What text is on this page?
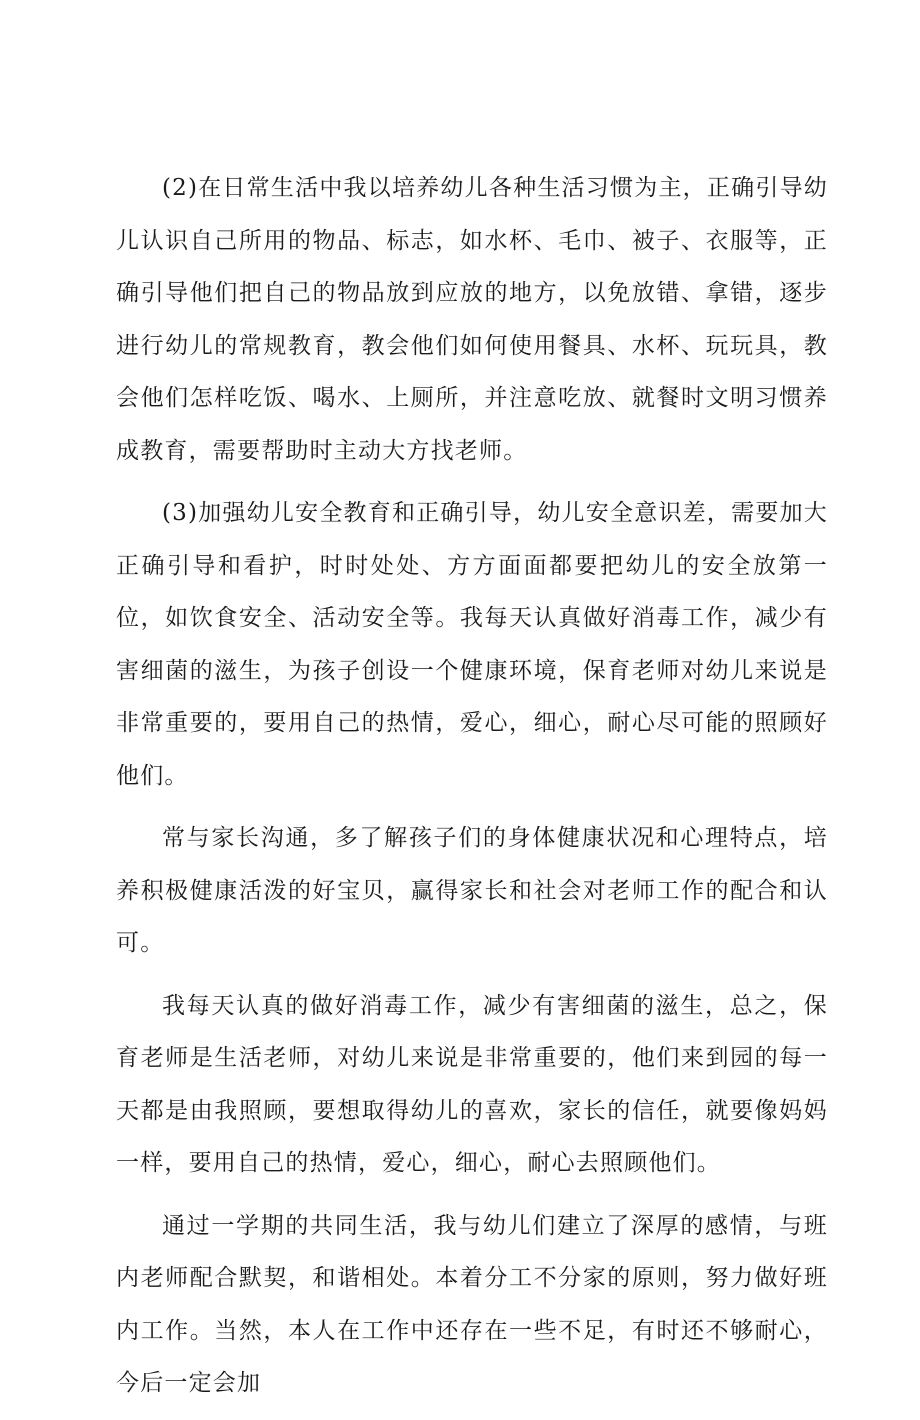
(2)在日常生活中我以培养幼儿各种生活习惯为主，正确引导幼儿认识自己所用的物品、标志，如水杯、毛巾、被子、衣服等，正确引导他们把自己的物品放到应放的地方，以免放错、拿错，逐步进行幼儿的常规教育，教会他们如何使用餐具、水杯、玩玩具，教会他们怎样吃饭、喝水、上厕所，并注意吃放、就餐时文明习惯养成教育，需要帮助时主动大方找老师。

(3)加强幼儿安全教育和正确引导，幼儿安全意识差，需要加大正确引导和看护，时时处处、方方面面都要把幼儿的安全放第一位，如饮食安全、活动安全等。我每天认真做好消毒工作，减少有害细菌的滋生，为孩子创设一个健康环境，保育老师对幼儿来说是非常重要的，要用自己的热情，爱心，细心，耐心尽可能的照顾好他们。

常与家长沟通，多了解孩子们的身体健康状况和心理特点，培养积极健康活泼的好宝贝，赢得家长和社会对老师工作的配合和认可。

我每天认真的做好消毒工作，减少有害细菌的滋生，总之，保育老师是生活老师，对幼儿来说是非常重要的，他们来到园的每一天都是由我照顾，要想取得幼儿的喜欢，家长的信任，就要像妈妈一样，要用自己的热情，爱心，细心，耐心去照顾他们。

通过一学期的共同生活，我与幼儿们建立了深厚的感情，与班内老师配合默契，和谐相处。本着分工不分家的原则，努力做好班内工作。当然，本人在工作中还存在一些不足，有时还不够耐心，今后一定会加
